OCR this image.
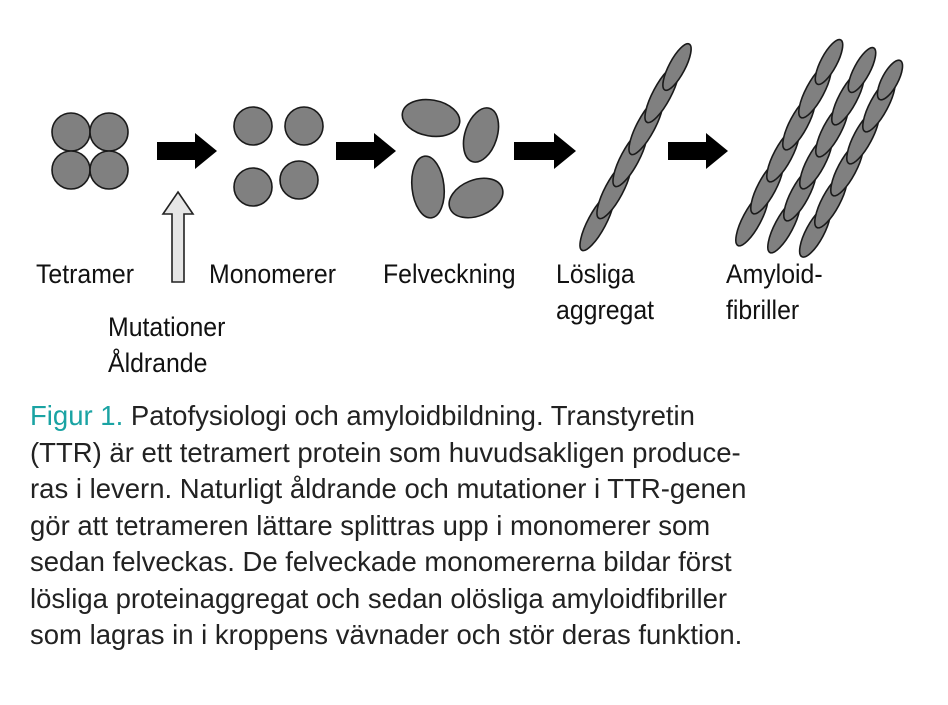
Tetramer	Monomerer Felveckning Lösliga
aggregat
Amyloid-
fibriller
Mutationer
Åldrande
Figur 1. Patofysiologi och amyloidbildning. Transtyretin
(TTR) är ett tetramert protein som huvudsakligen produce-
ras i levern. Naturligt åldrande och mutationer i TTR-genen
gör att tetrameren lättare splittras upp i monomerer som
sedan felveckas. De felveckade monomererna bildar först
lösliga proteinaggregat och sedan olösliga amyloidfibriller
som lagras in i kroppens vävnader och stör deras funktion.
